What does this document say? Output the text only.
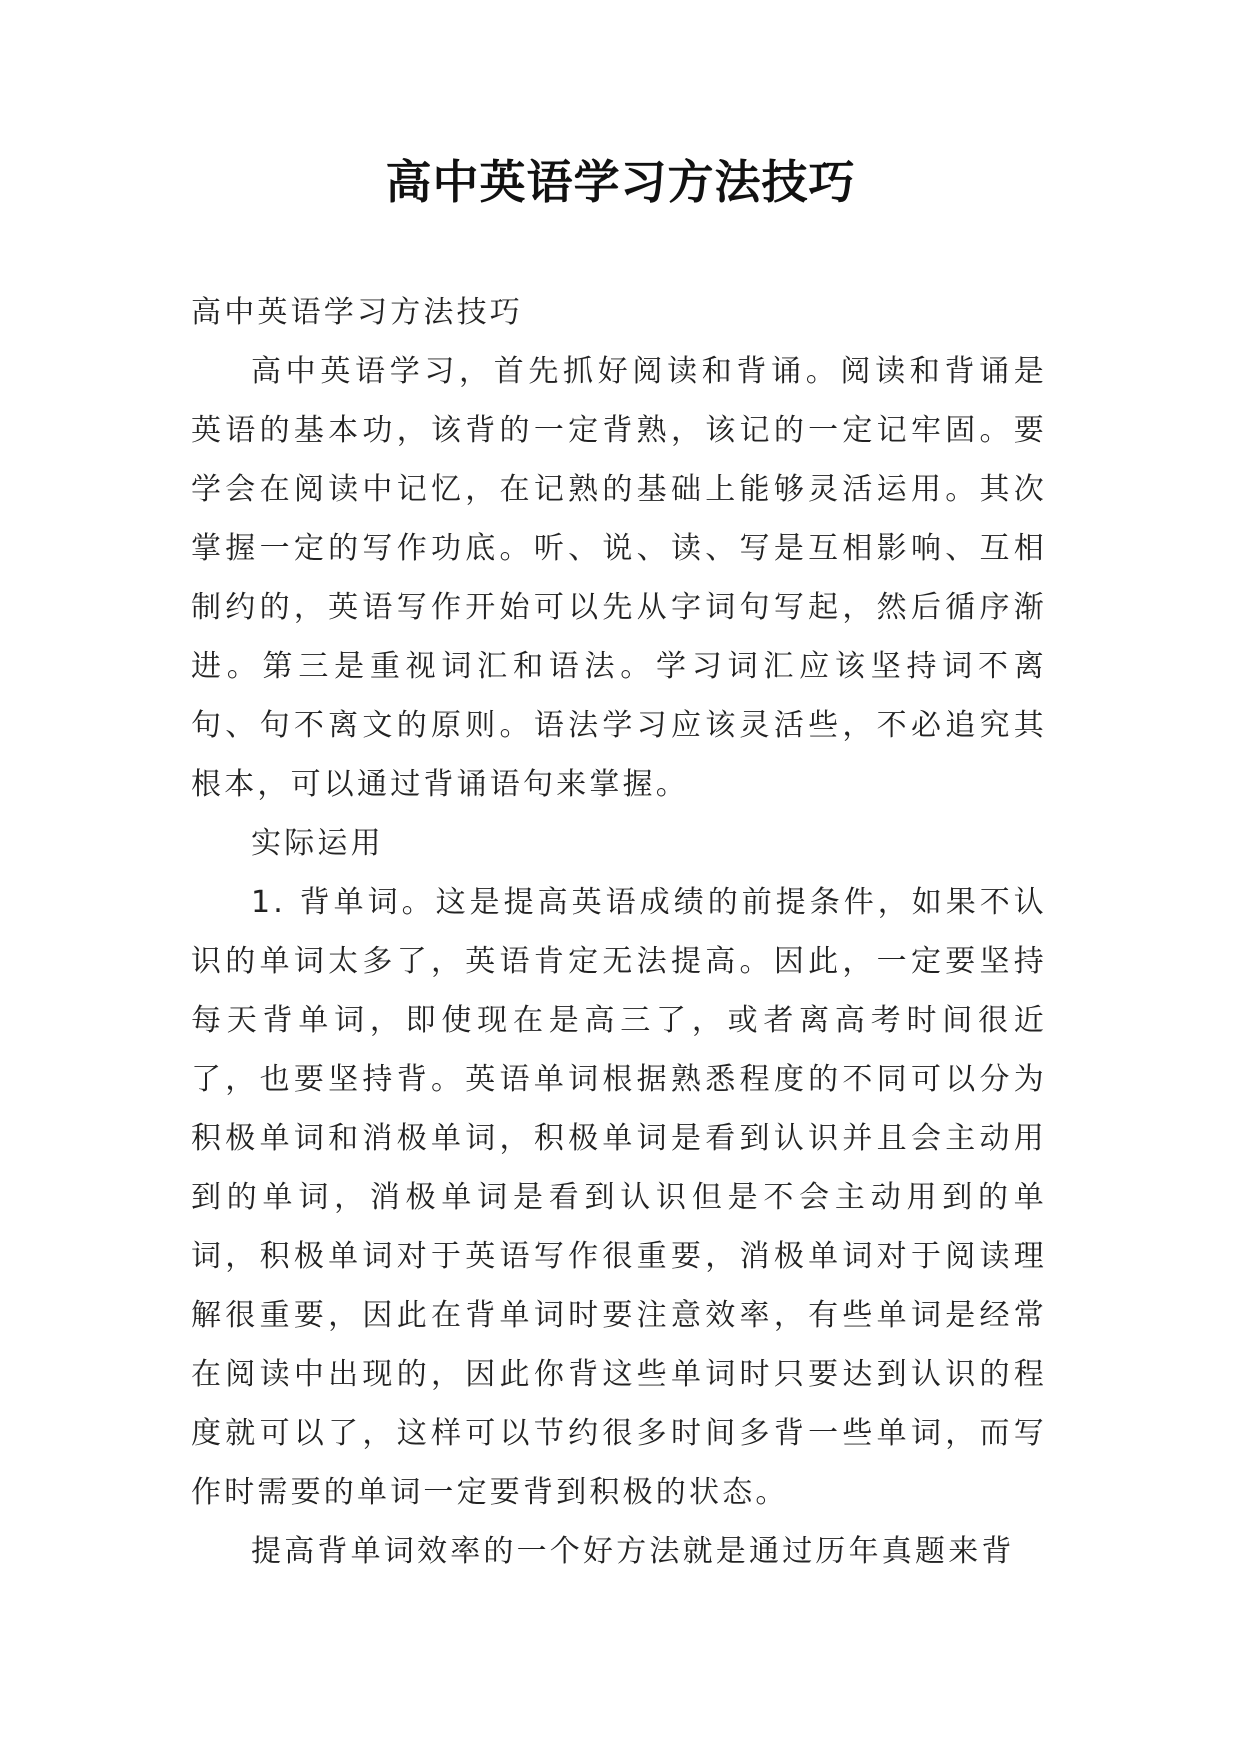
高中英语学习方法技巧

高中英语学习方法技巧

高中英语学习，首先抓好阅读和背诵。阅读和背诵是英语的基本功，该背的一定背熟，该记的一定记牢固。要学会在阅读中记忆，在记熟的基础上能够灵活运用。其次掌握一定的写作功底。听、说、读、写是互相影响、互相制约的，英语写作开始可以先从字词句写起，然后循序渐进。第三是重视词汇和语法。学习词汇应该坚持词不离句、句不离文的原则。语法学习应该灵活些，不必追究其根本，可以通过背诵语句来掌握。

实际运用

1. 背单词。这是提高英语成绩的前提条件，如果不认识的单词太多了，英语肯定无法提高。因此，一定要坚持每天背单词，即使现在是高三了，或者离高考时间很近了，也要坚持背。英语单词根据熟悉程度的不同可以分为积极单词和消极单词，积极单词是看到认识并且会主动用到的单词，消极单词是看到认识但是不会主动用到的单词，积极单词对于英语写作很重要，消极单词对于阅读理解很重要，因此在背单词时要注意效率，有些单词是经常在阅读中出现的，因此你背这些单词时只要达到认识的程度就可以了，这样可以节约很多时间多背一些单词，而写作时需要的单词一定要背到积极的状态。

提高背单词效率的一个好方法就是通过历年真题来背
